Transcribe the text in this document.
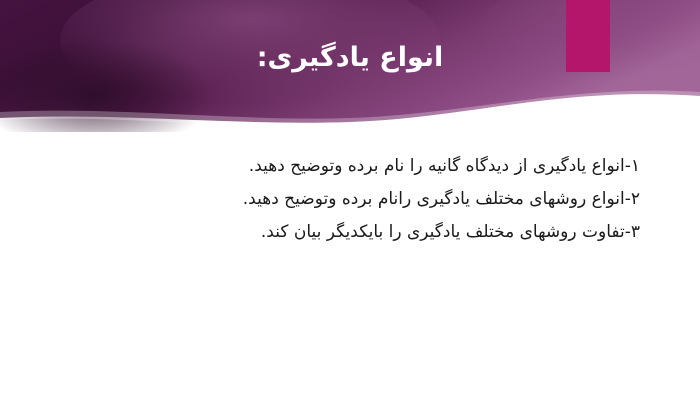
انواع یادگیری:
۱-انواع یادگیری از دیدگاه گانیه را نام برده وتوضیح دهید.
۲-انواع روشهای مختلف یادگیری رانام برده وتوضیح دهید.
۳-تفاوت روشهای مختلف یادگیری را بایکدیگر بیان کند.
